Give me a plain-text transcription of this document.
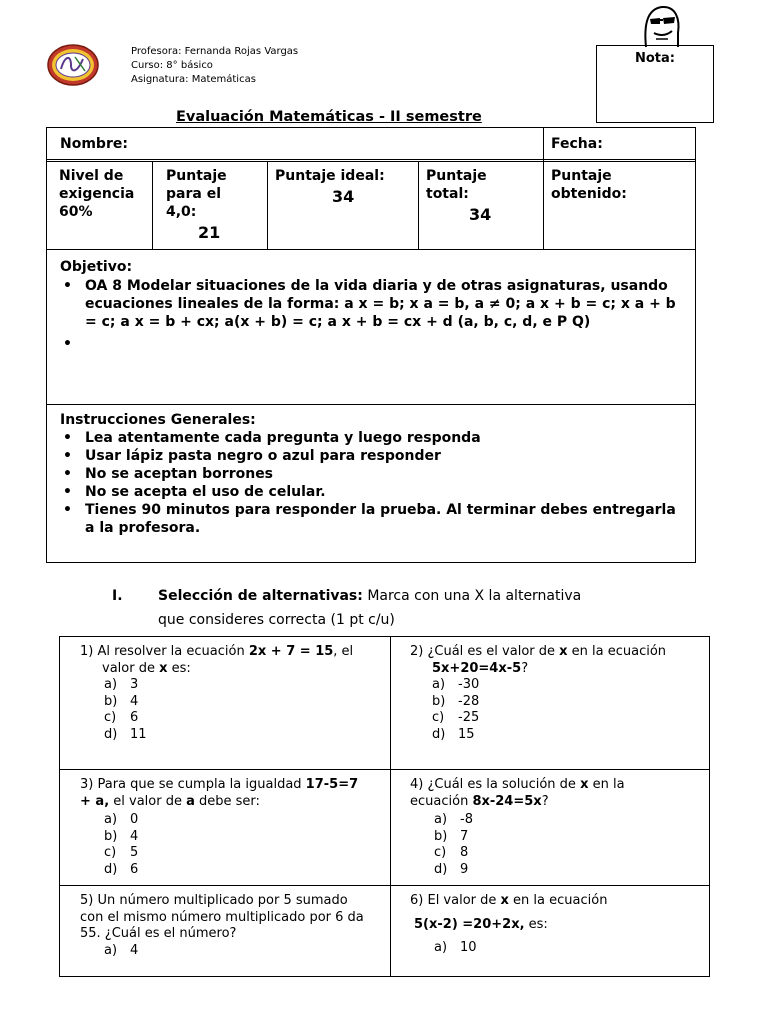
Profesora: Fernanda Rojas Vargas
Curso: 8° básico
Asignatura: Matemáticas
Nota:
Evaluación Matemáticas - II semestre
Nombre:	Fecha:
Nivel de exigencia 60%
Puntaje para el 4,0:
21
Puntaje ideal:
34
Puntaje total:
34
Puntaje obtenido:
Objetivo:
• OA 8 Modelar situaciones de la vida diaria y de otras asignaturas, usando ecuaciones lineales de la forma: a x = b; x a = b, a ≠ 0; a x + b = c; x a + b = c; a x = b + cx; a(x + b) = c; a x + b = cx + d (a, b, c, d, e P Q)
•
Instrucciones Generales:
• Lea atentamente cada pregunta y luego responda
• Usar lápiz pasta negro o azul para responder
• No se aceptan borrones
• No se acepta el uso de celular.
• Tienes 90 minutos para responder la prueba. Al terminar debes entregarla a la profesora.
I.	Selección de alternativas: Marca con una X la alternativa
que consideres correcta (1 pt c/u)
1) Al resolver la ecuación 2x + 7 = 15, el
valor de x es:
a) 3
b) 4
c) 6
d) 11
2) ¿Cuál es el valor de x en la ecuación
5x+20=4x-5?
a) -30
b) -28
c) -25
d) 15
3) Para que se cumpla la igualdad 17-5=7
+ a, el valor de a debe ser:
a) 0
b) 4
c) 5
d) 6
4) ¿Cuál es la solución de x en la
ecuación 8x-24=5x?
a) -8
b) 7
c) 8
d) 9
5) Un número multiplicado por 5 sumado
con el mismo número multiplicado por 6 da
55. ¿Cuál es el número?
a) 4
6) El valor de x en la ecuación
5(x-2) =20+2x, es:
a) 10
